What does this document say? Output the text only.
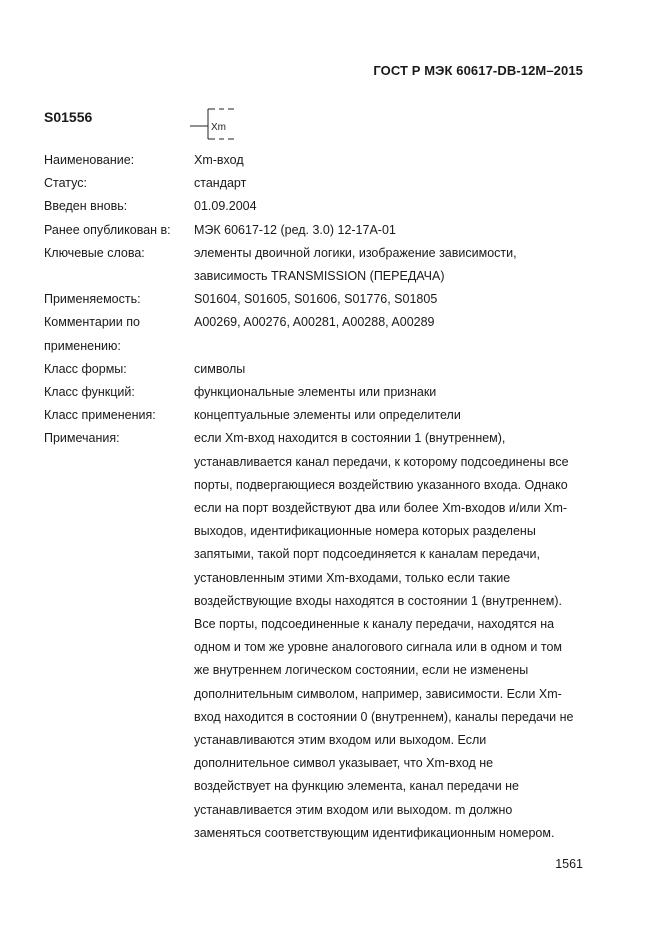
ГОСТ Р МЭК 60617-DB-12M–2015
S01556
Xm
Наименование:	Xm-вход
Статус:	стандарт
Введен вновь:	01.09.2004
Ранее опубликован в:	МЭК 60617-12 (ред. 3.0) 12-17А-01
Ключевые слова:	элементы двоичной логики, изображение зависимости,
зависимость TRANSMISSION (ПЕРЕДАЧА)
Применяемость:	S01604, S01605, S01606, S01776, S01805
Комментарии по
применению:
A00269, A00276, A00281, A00288, A00289
Класс формы:	символы
Класс функций:	функциональные элементы или признаки
Класс применения:	концептуальные элементы или определители
Примечания:	если Xm-вход находится в состоянии 1 (внутреннем),
устанавливается канал передачи, к которому подсоединены все
порты, подвергающиеся воздействию указанного входа. Однако
если на порт воздействуют два или более Xm-входов и/или Xm-
выходов, идентификационные номера которых разделены
запятыми, такой порт подсоединяется к каналам передачи,
установленным этими Xm-входами, только если такие
воздействующие входы находятся в состоянии 1 (внутреннем).
Все порты, подсоединенные к каналу передачи, находятся на
одном и том же уровне аналогового сигнала или в одном и том
же внутреннем логическом состоянии, если не изменены
дополнительным символом, например, зависимости. Если Xm-
вход находится в состоянии 0 (внутреннем), каналы передачи не
устанавливаются этим входом или выходом. Если
дополнительное символ указывает, что Xm-вход не
воздействует на функцию элемента, канал передачи не
устанавливается этим входом или выходом. m должно
заменяться соответствующим идентификационным номером.
1561
